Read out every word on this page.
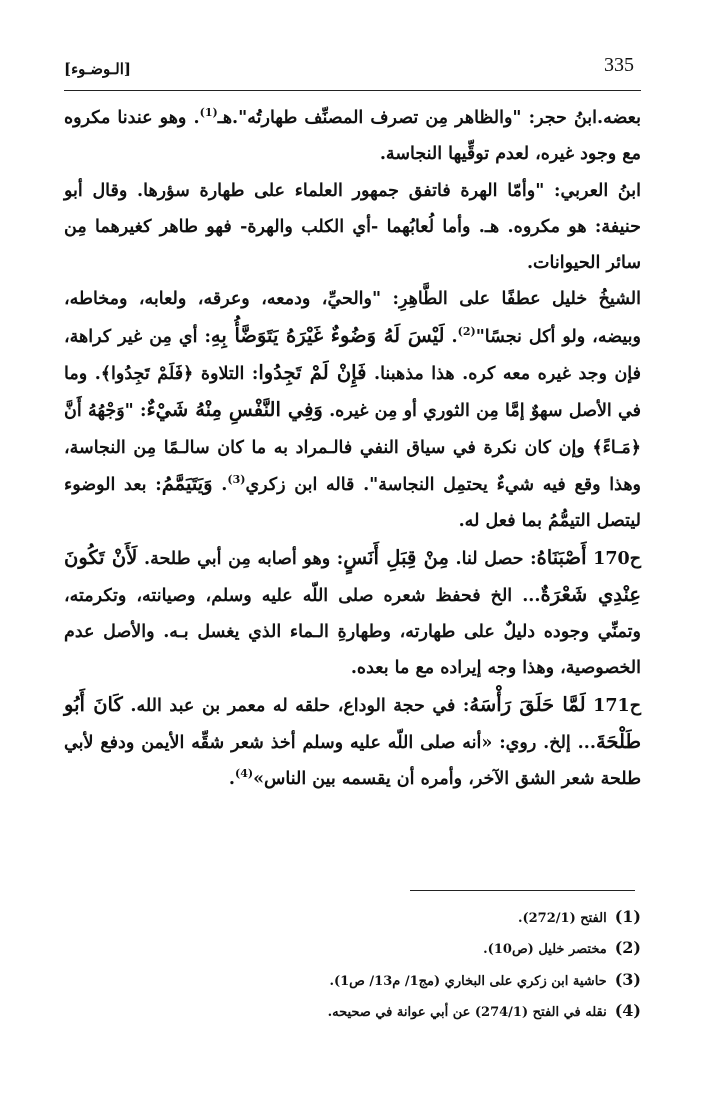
[الـوضـوء]	335

بعضه.ابنُ حجر: "والظاهر مِن تصرف المصنِّف طهارتُه".هـ$^{(1)}$. وهو عندنا مكروه مع وجود غيره، لعدم توقِّيها النجاسة.

ابنُ العربي: "وأمّا الهرة فاتفق جمهور العلماء على طهارة سؤرها. وقال أبو حنيفة: هو مكروه. هـ. وأما لُعابُهما -أي الكلب والهرة- فهو طاهر كغيرهما مِن سائر الحيوانات.

الشيخُ خليل عطفًا على الطَّاهِرِ: "والحيِّ، ودمعه، وعرقه، ولعابه، ومخاطه، وبيضه، ولو أكل نجسًا"$^{(2)}$. لَيْسَ لَهُ وَضُوءٌ غَيْرَهُ يَتَوَضَّأُ بِهِ: أي مِن غير كراهة، فإن وجد غيره معه كره. هذا مذهبنا. فَإِنْ لَمْ تَجِدُوا: التلاوة ﴿فَلَمْ تَجِدُوا﴾. وما في الأصل سهوٌ إمَّا مِن الثوري أو مِن غيره. وَفِي النَّفْسِ مِنْهُ شَيْءٌ: "وَجْهُهُ أَنَّ ﴿مَـاءً﴾ وإن كان نكرة في سياق النفي فالـمراد به ما كان سالـمًا مِن النجاسة، وهذا وقع فيه شيءٌ يحتمِل النجاسة". قاله ابن زكري$^{(3)}$. وَيَتَيَمَّمُ: بعد الوضوء ليتصل التيمُّمُ بما فعل له.

ح170 أَصْبَنَاهُ: حصل لنا. مِنْ قِبَلِ أَنَسٍ: وهو أصابه مِن أبي طلحة. لَأَنْ تَكُونَ عِنْدِي شَعْرَةٌ... الخ فحفظ شعره صلى اللّه عليه وسلم، وصيانته، وتكرمته، وتمنِّي وجوده دليلٌ على طهارته، وطهارةِ الـماء الذي يغسل بـه. والأصل عدم الخصوصية، وهذا وجه إيراده مع ما بعده.

ح171 لَمَّا حَلَقَ رَأْسَهُ: في حجة الوداع، حلقه له معمر بن عبد الله. كَانَ أَبُو طَلْحَةَ... إلخ. روي: «أنه صلى اللّه عليه وسلم أخذ شعر شقِّه الأيمن ودفع لأبي طلحة شعر الشق الآخر، وأمره أن يقسمه بين الناس»$^{(4)}$.

(1)الفتح (272/1).

(2)مختصر خليل (ص10).

(3)حاشية ابن زكري على البخاري (مج1/ م13/ ص1).

(4)نقله في الفتح (274/1) عن أبي عوانة في صحيحه.
